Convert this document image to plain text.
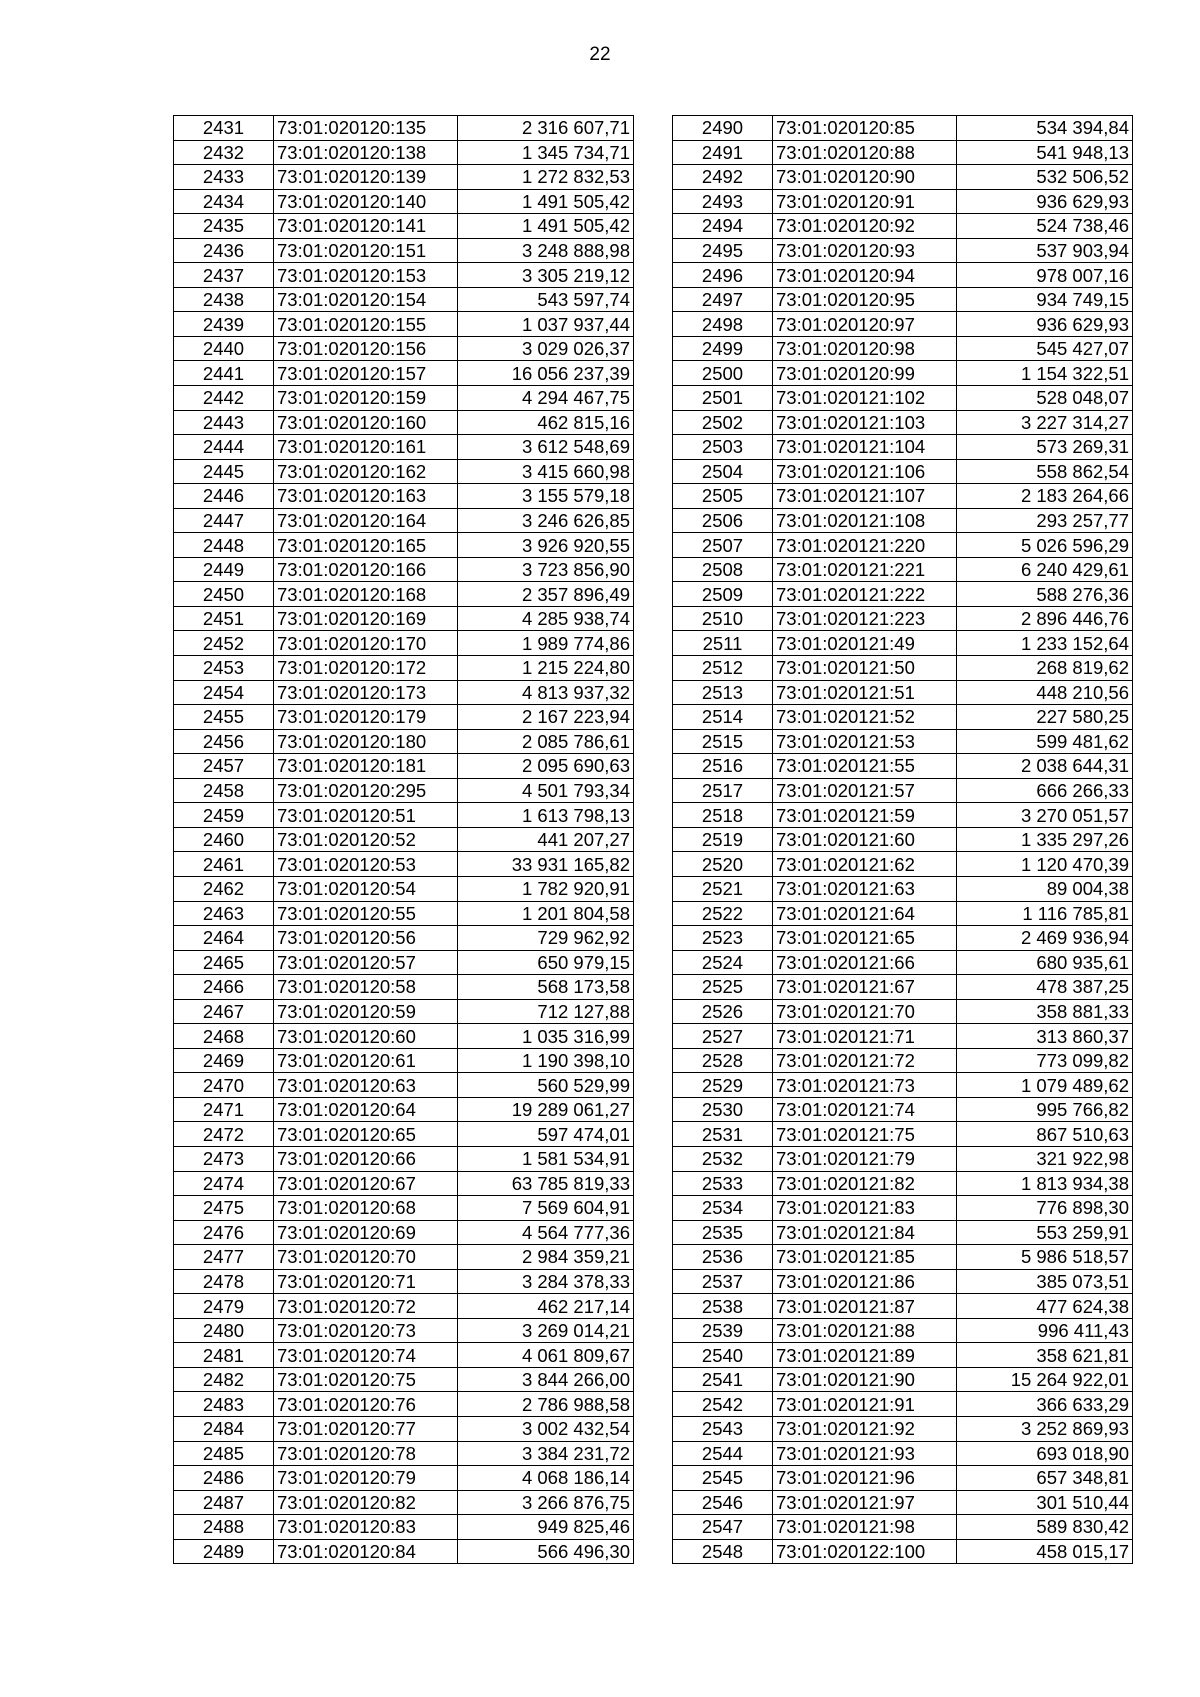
22
2431	73:01:020120:135	2 316 607,71
2432	73:01:020120:138	1 345 734,71
2433	73:01:020120:139	1 272 832,53
2434	73:01:020120:140	1 491 505,42
2435	73:01:020120:141	1 491 505,42
2436	73:01:020120:151	3 248 888,98
2437	73:01:020120:153	3 305 219,12
2438	73:01:020120:154	543 597,74
2439	73:01:020120:155	1 037 937,44
2440	73:01:020120:156	3 029 026,37
2441	73:01:020120:157	16 056 237,39
2442	73:01:020120:159	4 294 467,75
2443	73:01:020120:160	462 815,16
2444	73:01:020120:161	3 612 548,69
2445	73:01:020120:162	3 415 660,98
2446	73:01:020120:163	3 155 579,18
2447	73:01:020120:164	3 246 626,85
2448	73:01:020120:165	3 926 920,55
2449	73:01:020120:166	3 723 856,90
2450	73:01:020120:168	2 357 896,49
2451	73:01:020120:169	4 285 938,74
2452	73:01:020120:170	1 989 774,86
2453	73:01:020120:172	1 215 224,80
2454	73:01:020120:173	4 813 937,32
2455	73:01:020120:179	2 167 223,94
2456	73:01:020120:180	2 085 786,61
2457	73:01:020120:181	2 095 690,63
2458	73:01:020120:295	4 501 793,34
2459	73:01:020120:51	1 613 798,13
2460	73:01:020120:52	441 207,27
2461	73:01:020120:53	33 931 165,82
2462	73:01:020120:54	1 782 920,91
2463	73:01:020120:55	1 201 804,58
2464	73:01:020120:56	729 962,92
2465	73:01:020120:57	650 979,15
2466	73:01:020120:58	568 173,58
2467	73:01:020120:59	712 127,88
2468	73:01:020120:60	1 035 316,99
2469	73:01:020120:61	1 190 398,10
2470	73:01:020120:63	560 529,99
2471	73:01:020120:64	19 289 061,27
2472	73:01:020120:65	597 474,01
2473	73:01:020120:66	1 581 534,91
2474	73:01:020120:67	63 785 819,33
2475	73:01:020120:68	7 569 604,91
2476	73:01:020120:69	4 564 777,36
2477	73:01:020120:70	2 984 359,21
2478	73:01:020120:71	3 284 378,33
2479	73:01:020120:72	462 217,14
2480	73:01:020120:73	3 269 014,21
2481	73:01:020120:74	4 061 809,67
2482	73:01:020120:75	3 844 266,00
2483	73:01:020120:76	2 786 988,58
2484	73:01:020120:77	3 002 432,54
2485	73:01:020120:78	3 384 231,72
2486	73:01:020120:79	4 068 186,14
2487	73:01:020120:82	3 266 876,75
2488	73:01:020120:83	949 825,46
2489	73:01:020120:84	566 496,30
2490	73:01:020120:85	534 394,84
2491	73:01:020120:88	541 948,13
2492	73:01:020120:90	532 506,52
2493	73:01:020120:91	936 629,93
2494	73:01:020120:92	524 738,46
2495	73:01:020120:93	537 903,94
2496	73:01:020120:94	978 007,16
2497	73:01:020120:95	934 749,15
2498	73:01:020120:97	936 629,93
2499	73:01:020120:98	545 427,07
2500	73:01:020120:99	1 154 322,51
2501	73:01:020121:102	528 048,07
2502	73:01:020121:103	3 227 314,27
2503	73:01:020121:104	573 269,31
2504	73:01:020121:106	558 862,54
2505	73:01:020121:107	2 183 264,66
2506	73:01:020121:108	293 257,77
2507	73:01:020121:220	5 026 596,29
2508	73:01:020121:221	6 240 429,61
2509	73:01:020121:222	588 276,36
2510	73:01:020121:223	2 896 446,76
2511	73:01:020121:49	1 233 152,64
2512	73:01:020121:50	268 819,62
2513	73:01:020121:51	448 210,56
2514	73:01:020121:52	227 580,25
2515	73:01:020121:53	599 481,62
2516	73:01:020121:55	2 038 644,31
2517	73:01:020121:57	666 266,33
2518	73:01:020121:59	3 270 051,57
2519	73:01:020121:60	1 335 297,26
2520	73:01:020121:62	1 120 470,39
2521	73:01:020121:63	89 004,38
2522	73:01:020121:64	1 116 785,81
2523	73:01:020121:65	2 469 936,94
2524	73:01:020121:66	680 935,61
2525	73:01:020121:67	478 387,25
2526	73:01:020121:70	358 881,33
2527	73:01:020121:71	313 860,37
2528	73:01:020121:72	773 099,82
2529	73:01:020121:73	1 079 489,62
2530	73:01:020121:74	995 766,82
2531	73:01:020121:75	867 510,63
2532	73:01:020121:79	321 922,98
2533	73:01:020121:82	1 813 934,38
2534	73:01:020121:83	776 898,30
2535	73:01:020121:84	553 259,91
2536	73:01:020121:85	5 986 518,57
2537	73:01:020121:86	385 073,51
2538	73:01:020121:87	477 624,38
2539	73:01:020121:88	996 411,43
2540	73:01:020121:89	358 621,81
2541	73:01:020121:90	15 264 922,01
2542	73:01:020121:91	366 633,29
2543	73:01:020121:92	3 252 869,93
2544	73:01:020121:93	693 018,90
2545	73:01:020121:96	657 348,81
2546	73:01:020121:97	301 510,44
2547	73:01:020121:98	589 830,42
2548	73:01:020122:100	458 015,17
